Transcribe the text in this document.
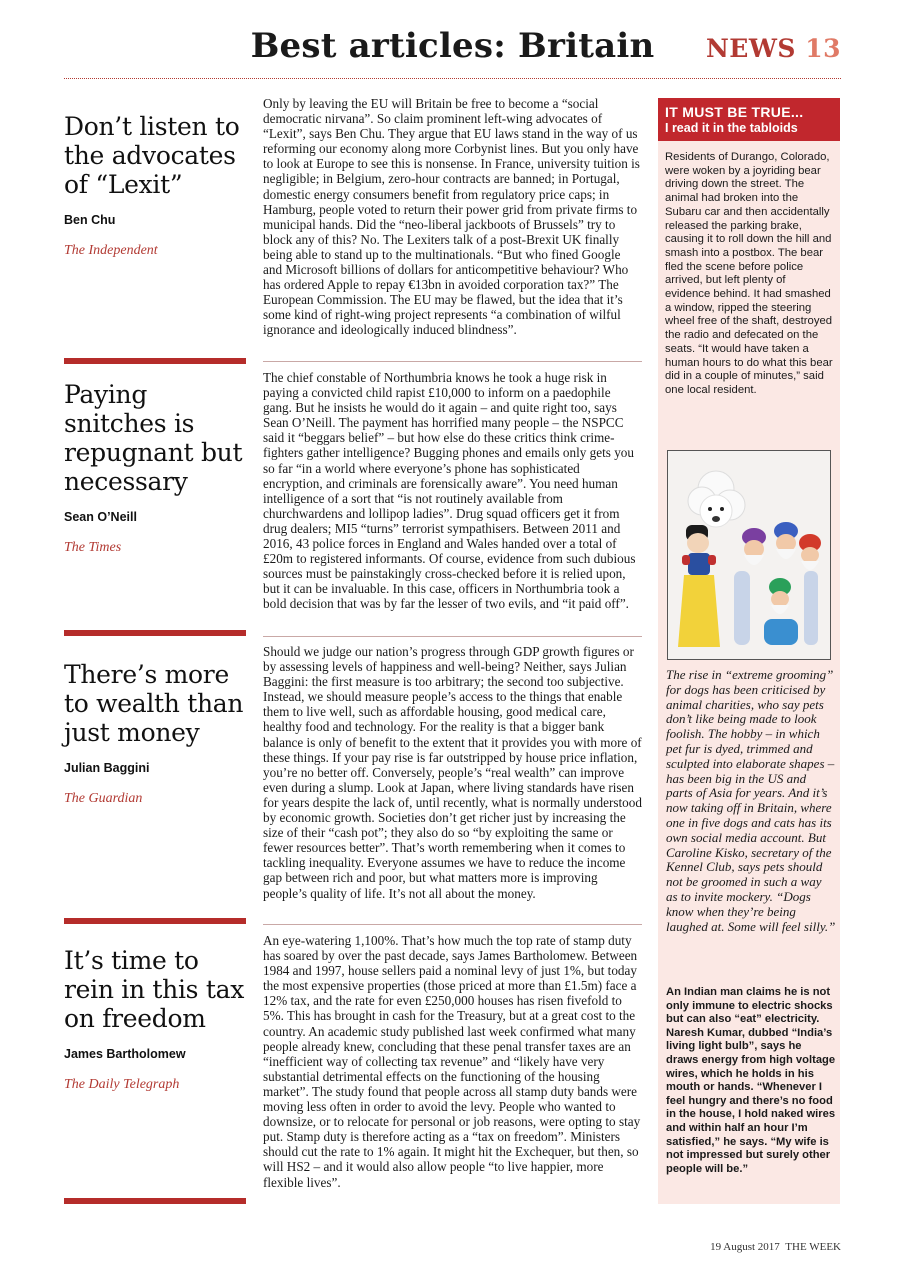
Best articles: Britain	NEWS 13
Don’t listen to the advocates of “Lexit”
Ben Chu
The Independent

Only by leaving the EU will Britain be free to become a “social democratic nirvana”. So claim prominent left-wing advocates of “Lexit”, says Ben Chu. They argue that EU laws stand in the way of us reforming our economy along more Corbynist lines. But you only have to look at Europe to see this is nonsense. In France, university tuition is negligible; in Belgium, zero-hour contracts are banned; in Portugal, domestic energy consumers benefit from regulatory price caps; in Hamburg, people voted to return their power grid from private firms to municipal hands. Did the “neo-liberal jackboots of Brussels” try to block any of this? No. The Lexiters talk of a post-Brexit UK finally being able to stand up to the multinationals. “But who fined Google and Microsoft billions of dollars for anticompetitive behaviour? Who has ordered Apple to repay €13bn in avoided corporation tax?” The European Commission. The EU may be flawed, but the idea that it’s some kind of right-wing project represents “a combination of wilful ignorance and ideologically induced blindness”.

Paying snitches is repugnant but necessary
Sean O’Neill
The Times

The chief constable of Northumbria knows he took a huge risk in paying a convicted child rapist £10,000 to inform on a paedophile gang. But he insists he would do it again – and quite right too, says Sean O’Neill. The payment has horrified many people – the NSPCC said it “beggars belief” – but how else do these critics think crime-fighters gather intelligence? Bugging phones and emails only gets you so far “in a world where everyone’s phone has sophisticated encryption, and criminals are forensically aware”. You need human intelligence of a sort that “is not routinely available from churchwardens and lollipop ladies”. Drug squad officers get it from drug dealers; MI5 “turns” terrorist sympathisers. Between 2011 and 2016, 43 police forces in England and Wales handed over a total of £20m to registered informants. Of course, evidence from such dubious sources must be painstakingly cross-checked before it is relied upon, but it can be invaluable. In this case, officers in Northumbria took a bold decision that was by far the lesser of two evils, and “it paid off”.

There’s more to wealth than just money
Julian Baggini
The Guardian

Should we judge our nation’s progress through GDP growth figures or by assessing levels of happiness and well-being? Neither, says Julian Baggini: the first measure is too arbitrary; the second too subjective. Instead, we should measure people’s access to the things that enable them to live well, such as affordable housing, good medical care, healthy food and technology. For the reality is that a bigger bank balance is only of benefit to the extent that it provides you with more of these things. If your pay rise is far outstripped by house price inflation, you’re no better off. Conversely, people’s “real wealth” can improve even during a slump. Look at Japan, where living standards have risen for years despite the lack of, until recently, what is normally understood by economic growth. Societies don’t get richer just by increasing the size of their “cash pot”; they also do so “by exploiting the same or fewer resources better”. That’s worth remembering when it comes to tackling inequality. Everyone assumes we have to reduce the income gap between rich and poor, but what matters more is improving people’s quality of life. It’s not all about the money.

It’s time to rein in this tax on freedom
James Bartholomew
The Daily Telegraph

An eye-watering 1,100%. That’s how much the top rate of stamp duty has soared by over the past decade, says James Bartholomew. Between 1984 and 1997, house sellers paid a nominal levy of just 1%, but today the most expensive properties (those priced at more than £1.5m) face a 12% tax, and the rate for even £250,000 houses has risen fivefold to 5%. This has brought in cash for the Treasury, but at a great cost to the country. An academic study published last week confirmed what many people already knew, concluding that these penal transfer taxes are an “inefficient way of collecting tax revenue” and “likely have very substantial detrimental effects on the functioning of the housing market”. The study found that people across all stamp duty bands were moving less often in order to avoid the levy. People who wanted to downsize, or to relocate for personal or job reasons, were opting to stay put. Stamp duty is therefore acting as a “tax on freedom”. Ministers should cut the rate to 1% again. It might hit the Exchequer, but then, so will HS2 – and it would also allow people “to live happier, more flexible lives”.

IT MUST BE TRUE...
I read it in the tabloids

Residents of Durango, Colorado, were woken by a joyriding bear driving down the street. The animal had broken into the Subaru car and then accidentally released the parking brake, causing it to roll down the hill and smash into a postbox. The bear fled the scene before police arrived, but left plenty of evidence behind. It had smashed a window, ripped the steering wheel free of the shaft, destroyed the radio and defecated on the seats. “It would have taken a human hours to do what this bear did in a couple of minutes,” said one local resident.

The rise in “extreme grooming” for dogs has been criticised by animal charities, who say pets don’t like being made to look foolish. The hobby – in which pet fur is dyed, trimmed and sculpted into elaborate shapes – has been big in the US and parts of Asia for years. And it’s now taking off in Britain, where one in five dogs and cats has its own social media account. But Caroline Kisko, secretary of the Kennel Club, says pets should not be groomed in such a way as to invite mockery. “Dogs know when they’re being laughed at. Some will feel silly.”

An Indian man claims he is not only immune to electric shocks but can also “eat” electricity. Naresh Kumar, dubbed “India’s living light bulb”, says he draws energy from high voltage wires, which he holds in his mouth or hands. “Whenever I feel hungry and there’s no food in the house, I hold naked wires and within half an hour I’m satisfied,” he says. “My wife is not impressed but surely other people will be.”

19 August 2017 THE WEEK
